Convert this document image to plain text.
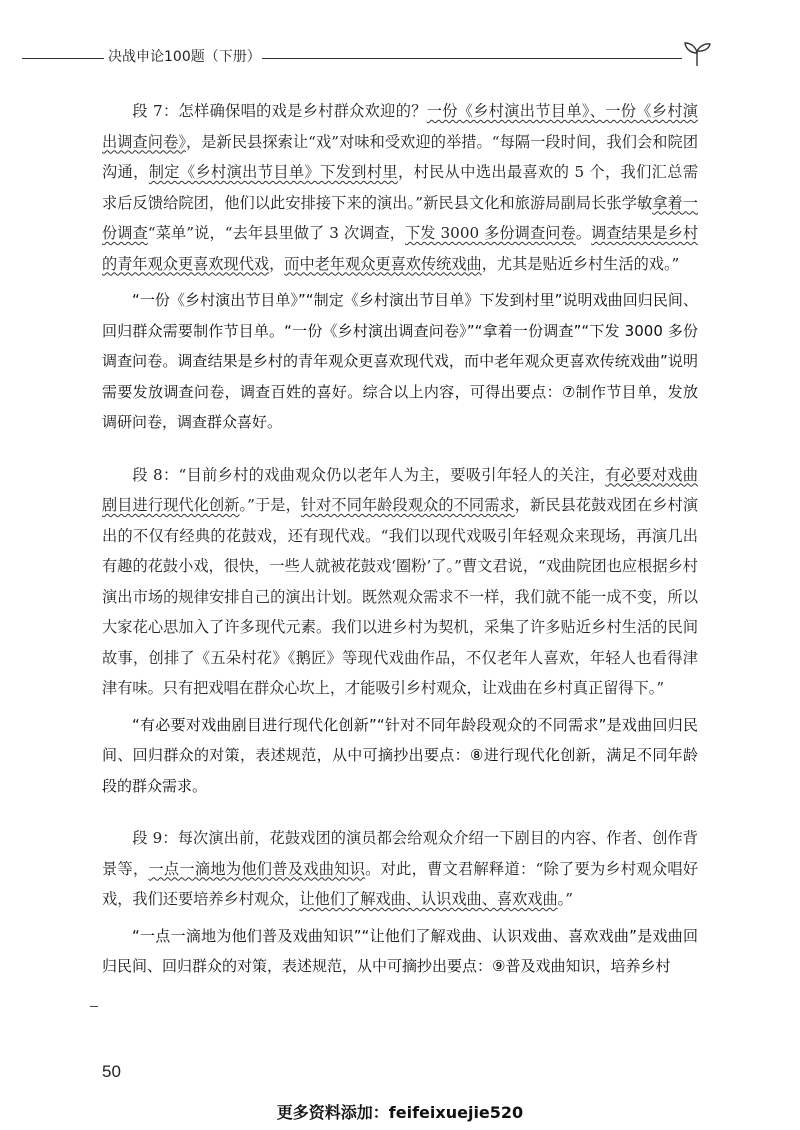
决战申论100题（下册）

段 7：怎样确保唱的戏是乡村群众欢迎的？一份《乡村演出节目单》、一份《乡村演出调查问卷》，是新民县探索让“戏”对味和受欢迎的举措。“每隔一段时间，我们会和院团沟通，制定《乡村演出节目单》下发到村里，村民从中选出最喜欢的 5 个，我们汇总需求后反馈给院团，他们以此安排接下来的演出。”新民县文化和旅游局副局长张学敏拿着一份调查“菜单”说，“去年县里做了 3 次调查，下发 3000 多份调查问卷。调查结果是乡村的青年观众更喜欢现代戏，而中老年观众更喜欢传统戏曲，尤其是贴近乡村生活的戏。”

“一份《乡村演出节目单》”“制定《乡村演出节目单》下发到村里”说明戏曲回归民间、回归群众需要制作节目单。“一份《乡村演出调查问卷》”“拿着一份调查”“下发 3000 多份调查问卷。调查结果是乡村的青年观众更喜欢现代戏，而中老年观众更喜欢传统戏曲”说明需要发放调查问卷，调查百姓的喜好。综合以上内容，可得出要点：⑦制作节目单，发放调研问卷，调查群众喜好。

段 8：“目前乡村的戏曲观众仍以老年人为主，要吸引年轻人的关注，有必要对戏曲剧目进行现代化创新。”于是，针对不同年龄段观众的不同需求，新民县花鼓戏团在乡村演出的不仅有经典的花鼓戏，还有现代戏。“我们以现代戏吸引年轻观众来现场，再演几出有趣的花鼓小戏，很快，一些人就被花鼓戏‘圈粉’了。”曹文君说，“戏曲院团也应根据乡村演出市场的规律安排自己的演出计划。既然观众需求不一样，我们就不能一成不变，所以大家花心思加入了许多现代元素。我们以进乡村为契机，采集了许多贴近乡村生活的民间故事，创排了《五朵村花》《鹅匠》等现代戏曲作品，不仅老年人喜欢，年轻人也看得津津有味。只有把戏唱在群众心坎上，才能吸引乡村观众，让戏曲在乡村真正留得下。”

“有必要对戏曲剧目进行现代化创新”“针对不同年龄段观众的不同需求”是戏曲回归民间、回归群众的对策，表述规范，从中可摘抄出要点：⑧进行现代化创新，满足不同年龄段的群众需求。

段 9：每次演出前，花鼓戏团的演员都会给观众介绍一下剧目的内容、作者、创作背景等，一点一滴地为他们普及戏曲知识。对此，曹文君解释道：“除了要为乡村观众唱好戏，我们还要培养乡村观众，让他们了解戏曲、认识戏曲、喜欢戏曲。”

“一点一滴地为他们普及戏曲知识”“让他们了解戏曲、认识戏曲、喜欢戏曲”是戏曲回归民间、回归群众的对策，表述规范，从中可摘抄出要点：⑨普及戏曲知识，培养乡村

50
更多资料添加：feifeixuejie520
